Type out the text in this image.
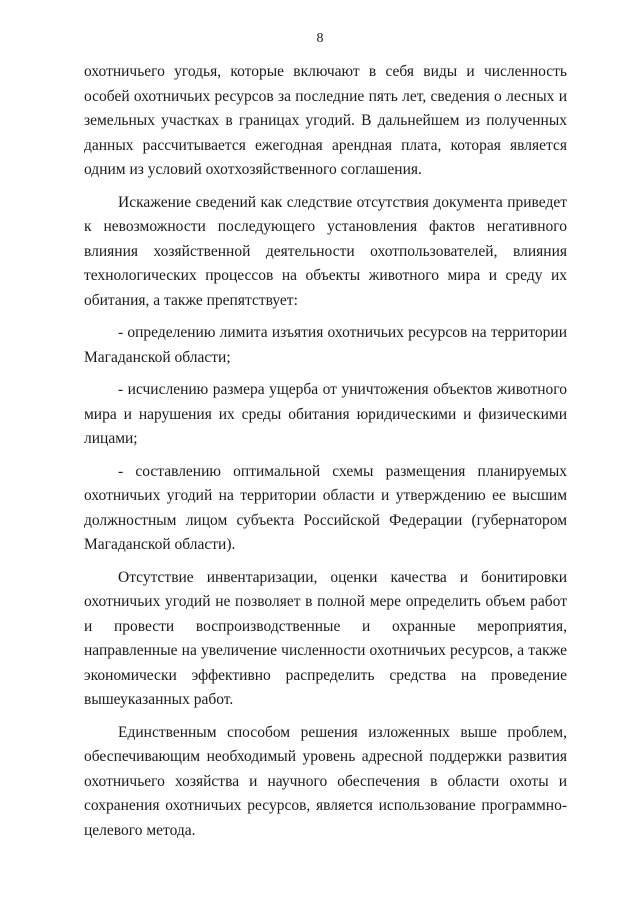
8

охотничьего угодья, которые включают в себя виды и численность особей охотничьих ресурсов за последние пять лет, сведения о лесных и земельных участках в границах угодий. В дальнейшем из полученных данных рассчитывается ежегодная арендная плата, которая является одним из условий охотхозяйственного соглашения.

Искажение сведений как следствие отсутствия документа приведет к невозможности последующего установления фактов негативного влияния хозяйственной деятельности охотпользователей, влияния технологических процессов на объекты животного мира и среду их обитания, а также препятствует:

- определению лимита изъятия охотничьих ресурсов на территории Магаданской области;

- исчислению размера ущерба от уничтожения объектов животного мира и нарушения их среды обитания юридическими и физическими лицами;

- составлению оптимальной схемы размещения планируемых охотничьих угодий на территории области и утверждению ее высшим должностным лицом субъекта Российской Федерации (губернатором Магаданской области).

Отсутствие инвентаризации, оценки качества и бонитировки охотничьих угодий не позволяет в полной мере определить объем работ и провести воспроизводственные и охранные мероприятия, направленные на увеличение численности охотничьих ресурсов, а также экономически эффективно распределить средства на проведение вышеуказанных работ.

Единственным способом решения изложенных выше проблем, обеспечивающим необходимый уровень адресной поддержки развития охотничьего хозяйства и научного обеспечения в области охоты и сохранения охотничьих ресурсов, является использование программно-целевого метода.
